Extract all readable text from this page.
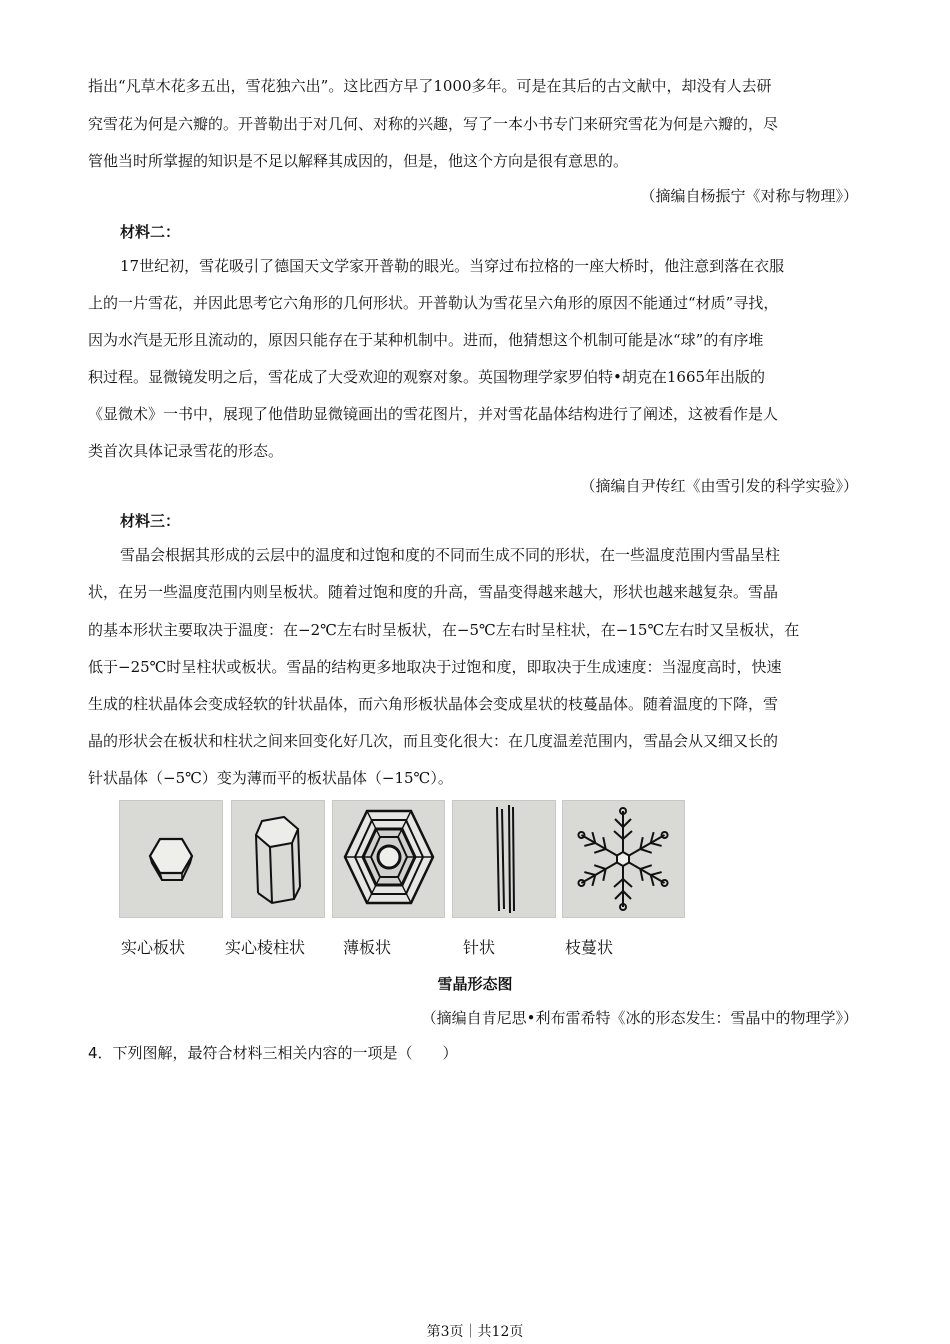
指出“凡草木花多五出，雪花独六出”。这比西方早了1000多年。可是在其后的古文献中，却没有人去研
究雪花为何是六瓣的。开普勒出于对几何、对称的兴趣，写了一本小书专门来研究雪花为何是六瓣的，尽
管他当时所掌握的知识是不足以解释其成因的，但是，他这个方向是很有意思的。
（摘编自杨振宁《对称与物理》）
材料二：
17世纪初，雪花吸引了德国天文学家开普勒的眼光。当穿过布拉格的一座大桥时，他注意到落在衣服
上的一片雪花，并因此思考它六角形的几何形状。开普勒认为雪花呈六角形的原因不能通过“材质”寻找，
因为水汽是无形且流动的，原因只能存在于某种机制中。进而，他猜想这个机制可能是冰“球”的有序堆
积过程。显微镜发明之后，雪花成了大受欢迎的观察对象。英国物理学家罗伯特•胡克在1665年出版的
《显微术》一书中，展现了他借助显微镜画出的雪花图片，并对雪花晶体结构进行了阐述，这被看作是人
类首次具体记录雪花的形态。
（摘编自尹传红《由雪引发的科学实验》）
材料三：
雪晶会根据其形成的云层中的温度和过饱和度的不同而生成不同的形状，在一些温度范围内雪晶呈柱
状，在另一些温度范围内则呈板状。随着过饱和度的升高，雪晶变得越来越大，形状也越来越复杂。雪晶
的基本形状主要取决于温度：在−2℃左右时呈板状，在−5℃左右时呈柱状，在−15℃左右时又呈板状，在
低于−25℃时呈柱状或板状。雪晶的结构更多地取决于过饱和度，即取决于生成速度：当湿度高时，快速
生成的柱状晶体会变成轻软的针状晶体，而六角形板状晶体会变成星状的枝蔓晶体。随着温度的下降，雪
晶的形状会在板状和柱状之间来回变化好几次，而且变化很大：在几度温差范围内，雪晶会从又细又长的
针状晶体（−5℃）变为薄而平的板状晶体（−15℃）。
实心板状 实心棱柱状 薄板状	针状	枝蔓状
雪晶形态图
（摘编自肯尼思•利布雷希特《冰的形态发生：雪晶中的物理学》）
4．下列图解，最符合材料三相关内容的一项是（　　）
第3页｜共12页
